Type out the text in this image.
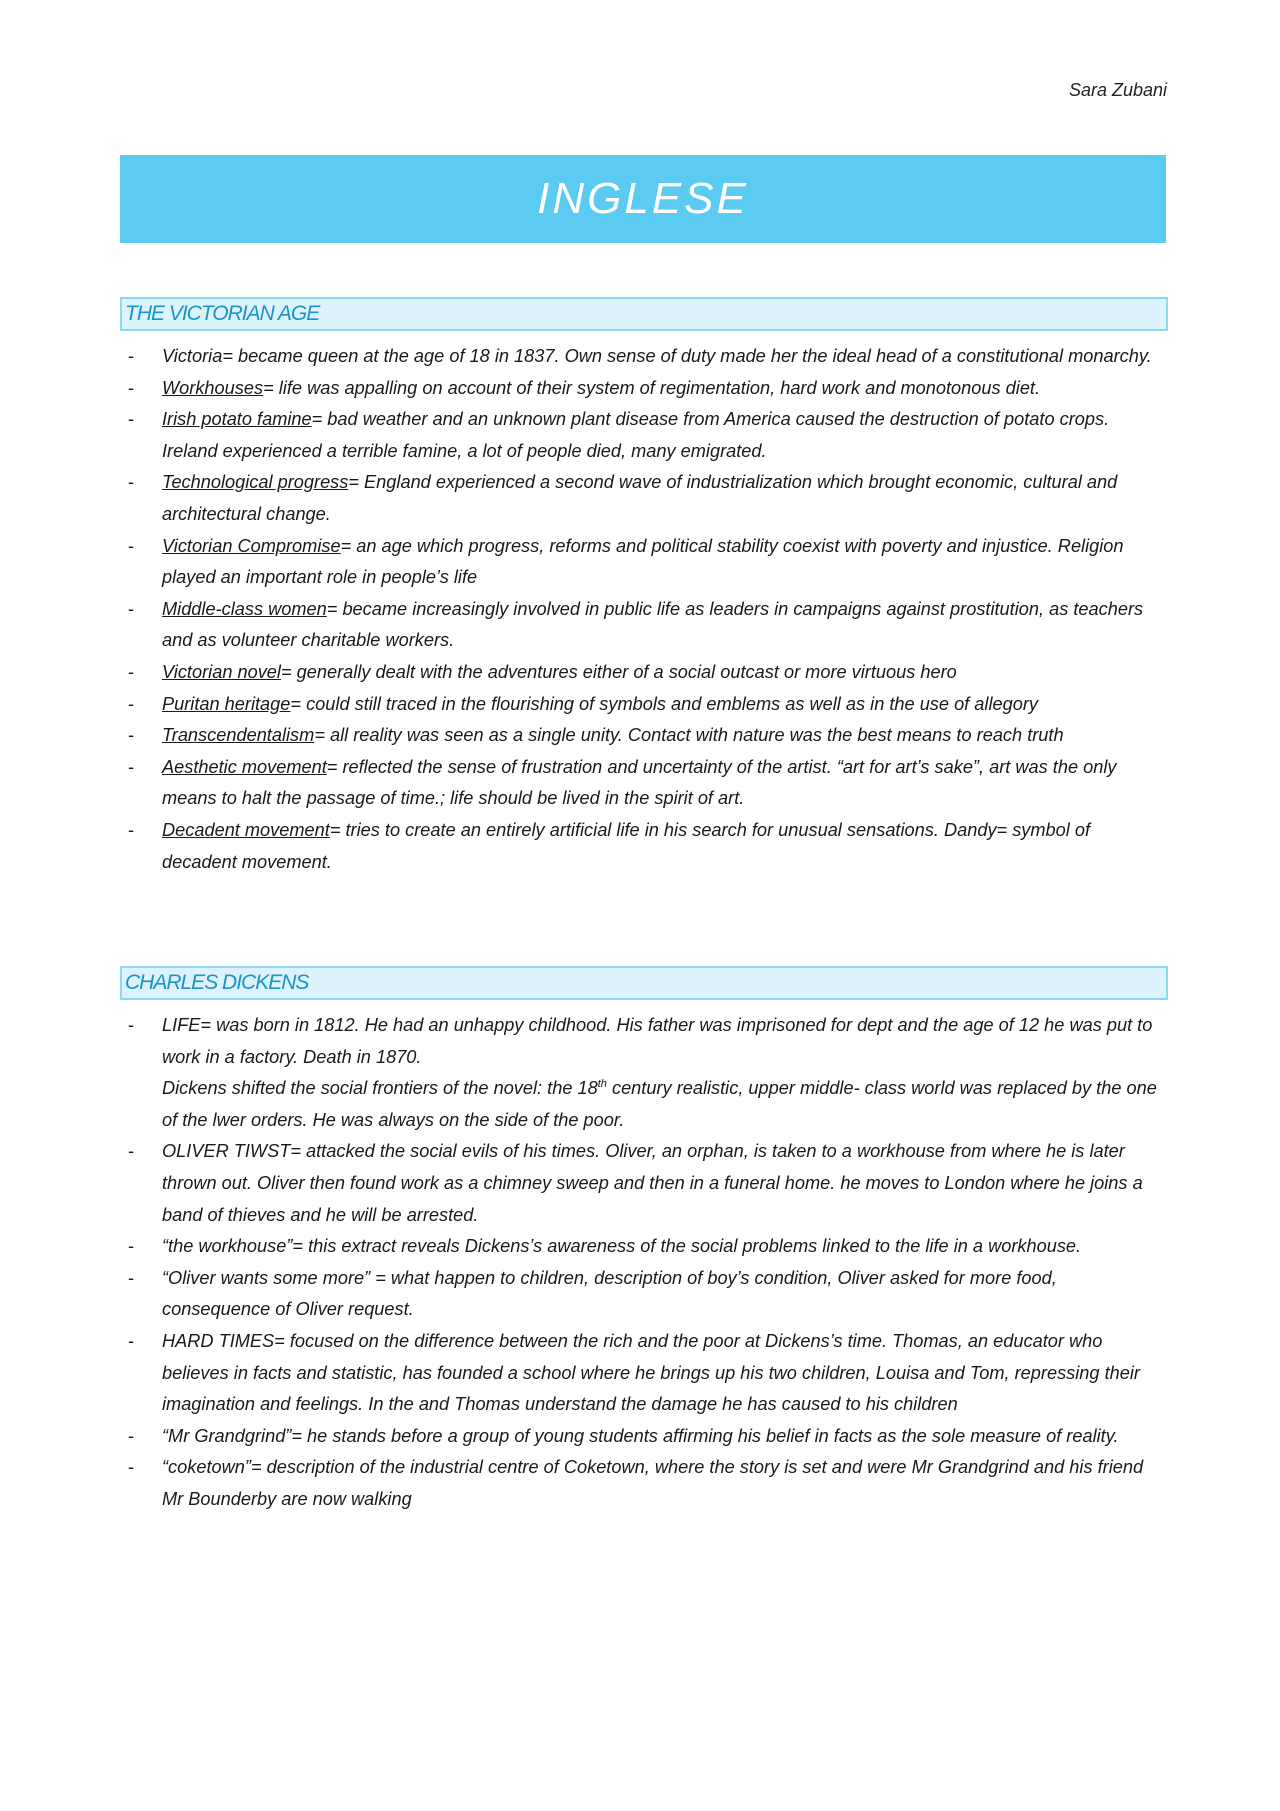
Sara Zubani
INGLESE
THE VICTORIAN AGE
- Victoria= became queen at the age of 18 in 1837. Own sense of duty made her the ideal head of a constitutional monarchy.
- Workhouses= life was appalling on account of their system of regimentation, hard work and monotonous diet.
- Irish potato famine= bad weather and an unknown plant disease from America caused the destruction of potato crops. Ireland experienced a terrible famine, a lot of people died, many emigrated.
- Technological progress= England experienced a second wave of industrialization which brought economic, cultural and architectural change.
- Victorian Compromise= an age which progress, reforms and political stability coexist with poverty and injustice. Religion played an important role in people’s life
- Middle-class women= became increasingly involved in public life as leaders in campaigns against prostitution, as teachers and as volunteer charitable workers.
- Victorian novel= generally dealt with the adventures either of a social outcast or more virtuous hero
- Puritan heritage= could still traced in the flourishing of symbols and emblems as well as in the use of allegory
- Transcendentalism= all reality was seen as a single unity. Contact with nature was the best means to reach truth
- Aesthetic movement= reflected the sense of frustration and uncertainty of the artist. “art for art’s sake”, art was the only means to halt the passage of time.; life should be lived in the spirit of art.
- Decadent movement= tries to create an entirely artificial life in his search for unusual sensations. Dandy= symbol of decadent movement.
CHARLES DICKENS
- LIFE= was born in 1812. He had an unhappy childhood. His father was imprisoned for dept and the age of 12 he was put to work in a factory. Death in 1870.
Dickens shifted the social frontiers of the novel: the 18th century realistic, upper middle- class world was replaced by the one of the lwer orders. He was always on the side of the poor.
- OLIVER TIWST= attacked the social evils of his times. Oliver, an orphan, is taken to a workhouse from where he is later thrown out. Oliver then found work as a chimney sweep and then in a funeral home. he moves to London where he joins a band of thieves and he will be arrested.
- “the workhouse”= this extract reveals Dickens’s awareness of the social problems linked to the life in a workhouse.
- “Oliver wants some more” = what happen to children, description of boy’s condition, Oliver asked for more food, consequence of Oliver request.
- HARD TIMES= focused on the difference between the rich and the poor at Dickens’s time. Thomas, an educator who believes in facts and statistic, has founded a school where he brings up his two children, Louisa and Tom, repressing their imagination and feelings. In the and Thomas understand the damage he has caused to his children
- “Mr Grandgrind”= he stands before a group of young students affirming his belief in facts as the sole measure of reality.
- “coketown”= description of the industrial centre of Coketown, where the story is set and were Mr Grandgrind and his friend Mr Bounderby are now walking
